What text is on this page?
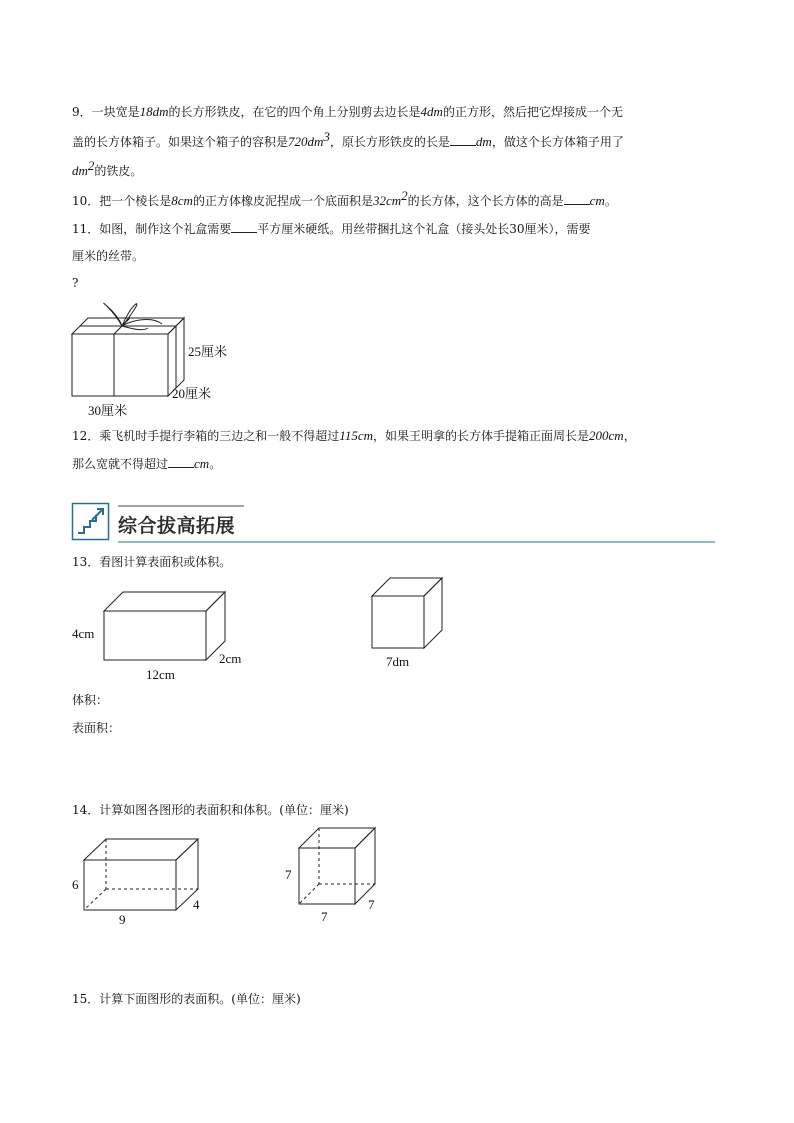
9．一块宽是18dm的长方形铁皮，在它的四个角上分别剪去边长是4dm的正方形，然后把它焊接成一个无
盖的长方体箱子。如果这个箱子的容积是$720dm^3$，原长方形铁皮的长是 dm，做这个长方体箱子用了
$dm^2$的铁皮。
10．把一个棱长是8cm的正方体橡皮泥捏成一个底面积是$32cm^2$的长方体，这个长方体的高是 cm。
11．如图，制作这个礼盒需要 平方厘米硬纸。用丝带捆扎这个礼盒（接头处长30厘米），需要
厘米的丝带。
?
25厘米
20厘米
30厘米
12．乘飞机时手提行李箱的三边之和一般不得超过115cm，如果王明拿的长方体手提箱正面周长是200cm，
那么宽就不得超过 cm。
综合拔高拓展
13．看图计算表面积或体积。
4cm
12cm
2cm	7dm
体积：
表面积：
14．计算如图各图形的表面积和体积。(单位：厘米)
6
9
4
7
7
7
15．计算下面图形的表面积。(单位：厘米)
